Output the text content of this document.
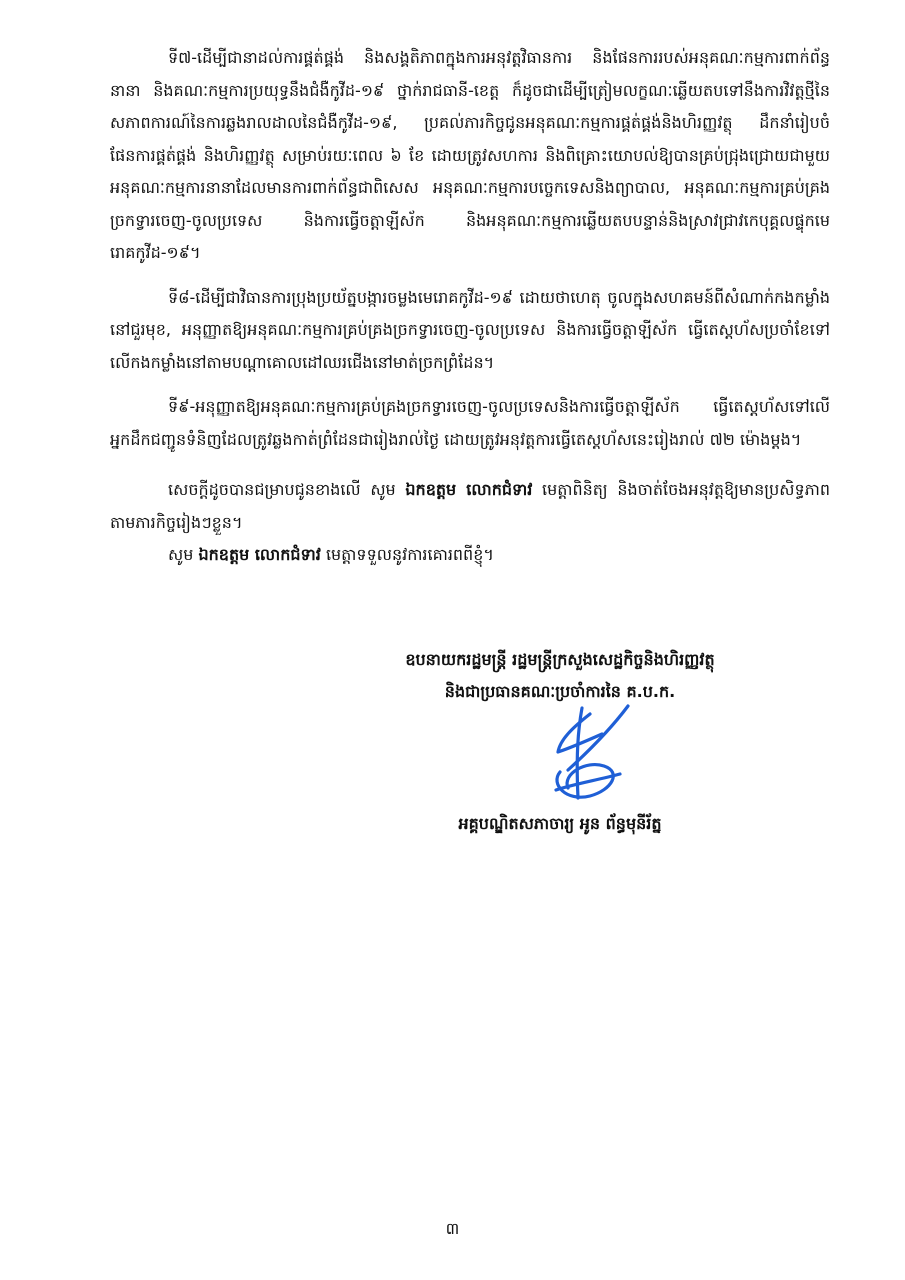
ទី៧-ដើម្បីជានាដល់ការផ្គត់ផ្គង់ និងសង្គតិភាពក្នុងការអនុវត្តវិធានការ និងផែនការរបស់អនុគណៈកម្មការពាក់ព័ន្ធនានា និងគណៈកម្មការប្រយុទ្ធនឹងជំងឺកូវីដ-១៩ ថ្នាក់រាជធានី-ខេត្ត ក៏ដូចជាដើម្បីត្រៀមលក្ខណៈឆ្លើយតបទៅនឹងការវិវត្តថ្មីនៃសភាពការណ៍នៃការឆ្លងរាលដាលនៃជំងឺកូវីដ-១៩, ប្រគល់ភារកិច្ចជូនអនុគណៈកម្មការផ្គត់ផ្គង់និងហិរញ្ញវត្ថុ ដឹកនាំរៀបចំផែនការផ្គត់ផ្គង់ និងហិរញ្ញវត្ថុ សម្រាប់រយៈពេល ៦ ខែ ដោយត្រូវសហការ និងពិគ្រោះយោបល់ឱ្យបានគ្រប់ជ្រុងជ្រោយជាមួយអនុគណៈកម្មការនានាដែលមានការពាក់ព័ន្ធជាពិសេស អនុគណៈកម្មការបច្ចេកទេសនិងព្យាបាល, អនុគណៈកម្មការគ្រប់គ្រងច្រកទ្វារចេញ-ចូលប្រទេស និងការធ្វើចត្តាឡីស័ក និងអនុគណៈកម្មការឆ្លើយតបបន្ទាន់និងស្រាវជ្រាវកេបុគ្គលផ្ទុកមេរោគកូវីដ-១៩។

ទី៨-ដើម្បីជាវិធានការប្រុងប្រយ័ត្នបង្ការចម្លងមេរោគកូវីដ-១៩ ដោយថាហេតុ ចូលក្នុងសហគមន៍ពីសំណាក់កងកម្លាំងនៅជួរមុខ, អនុញ្ញាតឱ្យអនុគណៈកម្មការគ្រប់គ្រងច្រកទ្វារចេញ-ចូលប្រទេស និងការធ្វើចត្តាឡីស័ក ធ្វើតេស្តហ័សប្រចាំខែទៅលើកងកម្លាំងនៅតាមបណ្តាគោលដៅឈរជើងនៅមាត់ច្រកព្រំដែន។

ទី៩-អនុញ្ញាតឱ្យអនុគណៈកម្មការគ្រប់គ្រងច្រកទ្វារចេញ-ចូលប្រទេសនិងការធ្វើចត្តាឡីស័ក ធ្វើតេស្តហ័សទៅលើអ្នកដឹកជញ្ជូនទំនិញដែលត្រូវឆ្លងកាត់ព្រំដែនជារៀងរាល់ថ្ងៃ ដោយត្រូវអនុវត្តការធ្វើតេស្តហ័សនេះរៀងរាល់ ៧២ ម៉ោងម្តង។

សេចក្តីដូចបានជម្រាបជូនខាងលើ សូម ឯកឧត្តម លោកជំទាវ មេត្តាពិនិត្យ និងចាត់ចែងអនុវត្តឱ្យមានប្រសិទ្ធភាព តាមភារកិច្ចរៀងៗខ្លួន។

សូម ឯកឧត្តម លោកជំទាវ មេត្តាទទួលនូវការគោរពពីខ្ញុំ។

ឧបនាយករដ្ឋមន្ត្រី រដ្ឋមន្ត្រីក្រសួងសេដ្ឋកិច្ចនិងហិរញ្ញវត្ថុ
និងជាប្រធានគណៈប្រចាំការនៃ គ.ប.ក.
អគ្គបណ្ឌិតសភាចារ្យ អូន ព័ន្ធមុនីរ័ត្ន
៣
